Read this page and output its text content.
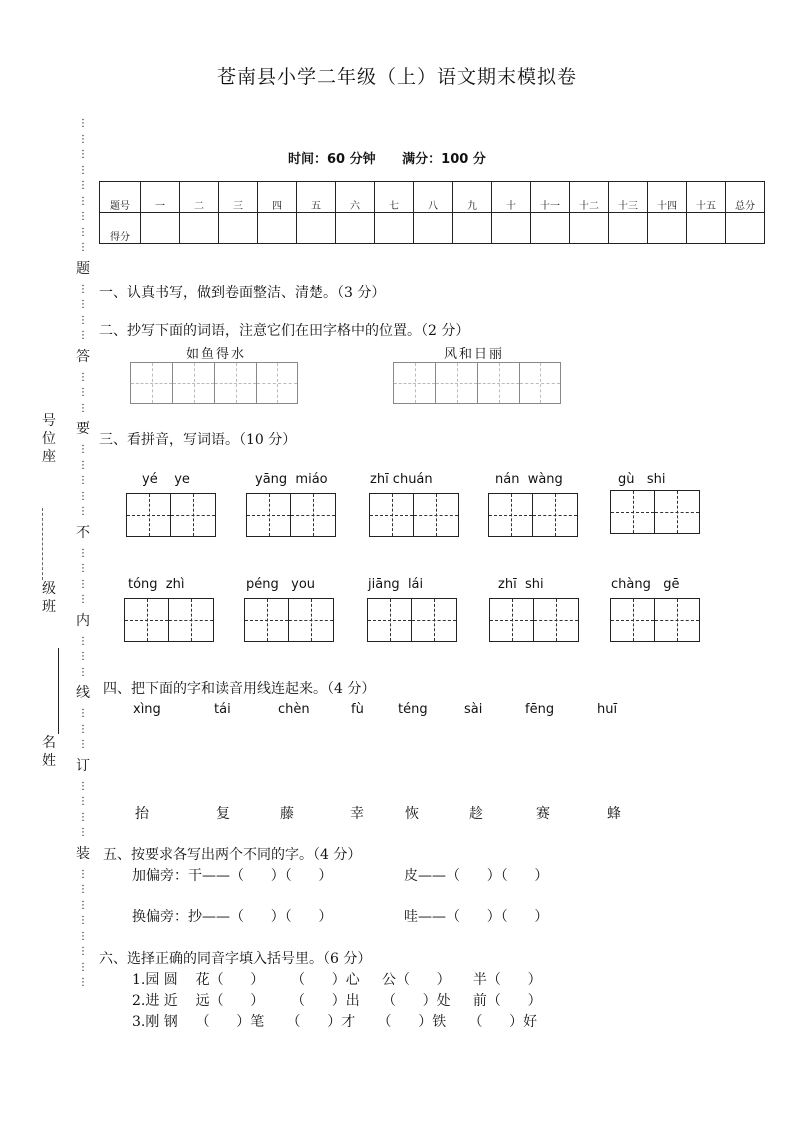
苍南县小学二年级（上）语文期末模拟卷
⋮
⋮
⋮
⋮
⋮
⋮
⋮
⋮
⋮
题
⋮
⋮
⋮
⋮
答
⋮
⋮
⋮
要
⋮
⋮
⋮
⋮
⋮
不
⋮
⋮
⋮
⋮
内
⋮
⋮
⋮
线
⋮
⋮
⋮
订
⋮
⋮
⋮
⋮
装
⋮
⋮
⋮
⋮
⋮
⋮
⋮
⋮
号位座
级班
名姓
时间：60 分钟 满分：100 分
题号	一	二	三	四	五	六	七	八	九	十	十一	十二	十三	十四	十五	总分
得分																
一、认真书写，做到卷面整洁、清楚。（3 分）
二、抄写下面的词语，注意它们在田字格中的位置。（2 分）
如鱼得水	风和日丽
三、看拼音，写词语。（10 分）
yé    ye	yāng  miáo	zhī chuán	nán  wàng	gù   shi
tóng  zhì	péng   you	jiāng  lái	zhī  shi	chàng   gē
四、把下面的字和读音用线连起来。（4 分）
xìng	tái	chèn	fù	téng	sài	fēng	huī
抬	复	藤	幸	恢	趁	赛	蜂
五、按要求各写出两个不同的字。（4 分）
加偏旁：干——（      ）（      ）	皮——（      ）（      ）
换偏旁：抄——（      ）（      ）	哇——（      ）（      ）
六、选择正确的同音字填入括号里。（6 分）
1.园 圆    花（      ）      （      ）心     公（      ）     半（      ）
2.进 近    远（      ）      （      ）出     （      ）处     前（      ）
3.刚 钢    （      ）笔     （      ）才     （      ）铁     （      ）好
